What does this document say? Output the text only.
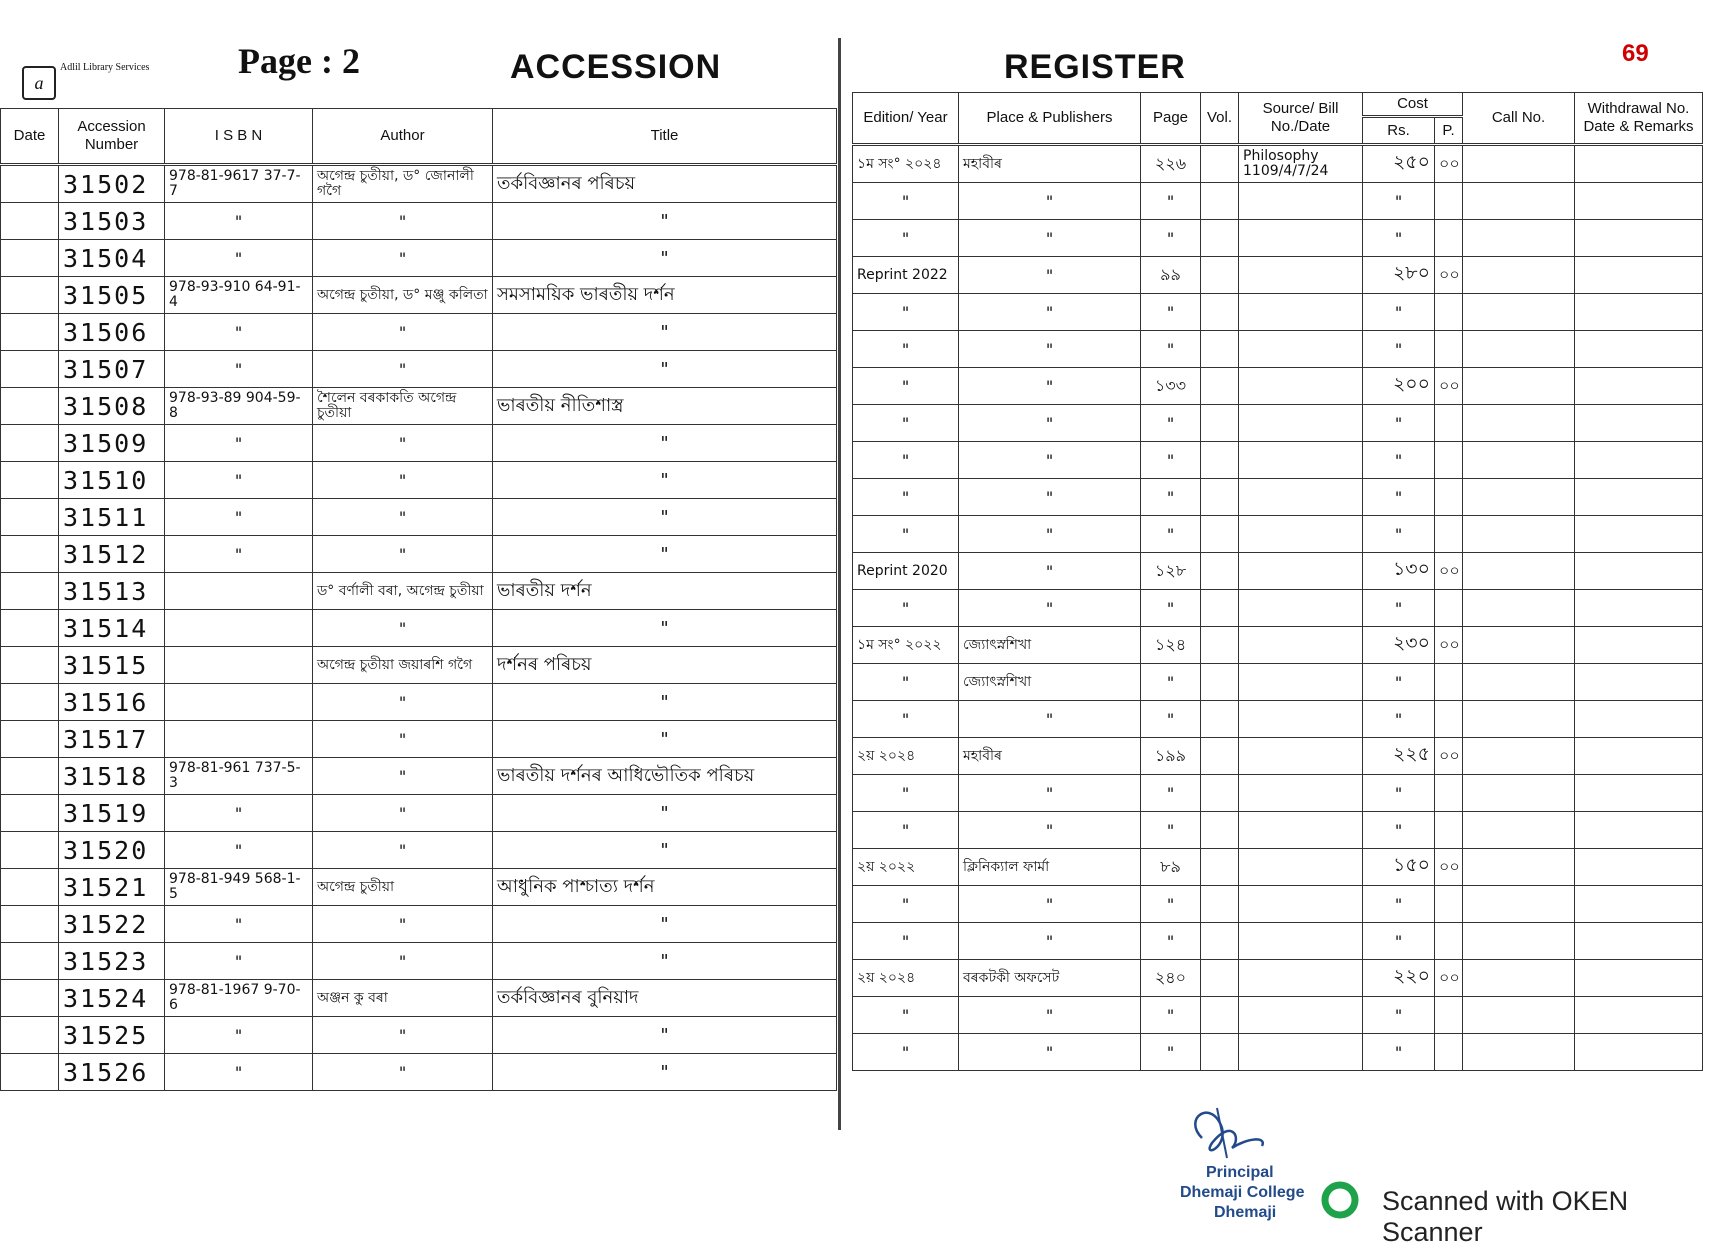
a
Adlil Library Services Page : 2	ACCESSION	REGISTER	69
Date	Accession Number	I S B N	Author	Title
	31502	978-81-9617 37-7-7	অগেন্দ্ৰ চুতীয়া, ড° জোনালী গগৈ	তৰ্কবিজ্ঞানৰ পৰিচয়
	31503	"	"	"
	31504	"	"	"
	31505	978-93-910 64-91-4	অগেন্দ্ৰ চুতীয়া, ড° মঞ্জু কলিতা	সমসাময়িক ভাৰতীয় দৰ্শন
	31506	"	"	"
	31507	"	"	"
	31508	978-93-89 904-59-8	শৈলেন বৰকাকতি অগেন্দ্ৰ চুতীয়া	ভাৰতীয় নীতিশাস্ত্ৰ
	31509	"	"	"
	31510	"	"	"
	31511	"	"	"
	31512	"	"	"
	31513		ড° বৰ্ণালী বৰা, অগেন্দ্ৰ চুতীয়া	ভাৰতীয় দৰ্শন
	31514		"	"
	31515		অগেন্দ্ৰ চুতীয়া জয়াৰশি গগৈ	দৰ্শনৰ পৰিচয়
	31516		"	"
	31517		"	"
	31518	978-81-961 737-5-3	"	ভাৰতীয় দৰ্শনৰ আধিভৌতিক পৰিচয়
	31519	"	"	"
	31520	"	"	"
	31521	978-81-949 568-1-5	অগেন্দ্ৰ চুতীয়া	আধুনিক পাশ্চাত্য দৰ্শন
	31522	"	"	"
	31523	"	"	"
	31524	978-81-1967 9-70-6	অঞ্জন কু বৰা	তৰ্কবিজ্ঞানৰ বুনিয়াদ
	31525	"	"	"
	31526	"	"	"
Edition/ Year	Place & Publishers	Page	Vol.	Source/ Bill No./Date	Cost		Call No.	Withdrawal No. Date & Remarks
					Rs.	P.		
১ম সং° ২০২৪	মহাবীৰ	২২৬		Philosophy 1109/4/7/24	২৫০	০০		
"	"	"			"			
"	"	"			"			
Reprint 2022	"	৯৯			২৮০	০০		
"	"	"			"			
"	"	"			"			
"	"	১৩৩			২০০	০০		
"	"	"			"			
"	"	"			"			
"	"	"			"			
"	"	"			"			
Reprint 2020	"	১২৮			১৩০	০০		
"	"	"			"			
১ম সং° ২০২২	জ্যোৎস্নশিখা	১২৪			২৩০	০০		
"	জ্যোৎস্নশিখা	"			"			
"	"	"			"			
২য় ২০২৪	মহাবীৰ	১৯৯			২২৫	০০		
"	"	"			"			
"	"	"			"			
২য় ২০২২	ক্লিনিক্যাল ফাৰ্মা	৮৯			১৫০	০০		
"	"	"			"			
"	"	"			"			
২য় ২০২৪	বৰকটকী অফসেট	২৪০			২২০	০০		
"	"	"			"			
"	"	"			"			
Principal
Dhemaji College
Dhemaji	Scanned with OKEN Scanner
